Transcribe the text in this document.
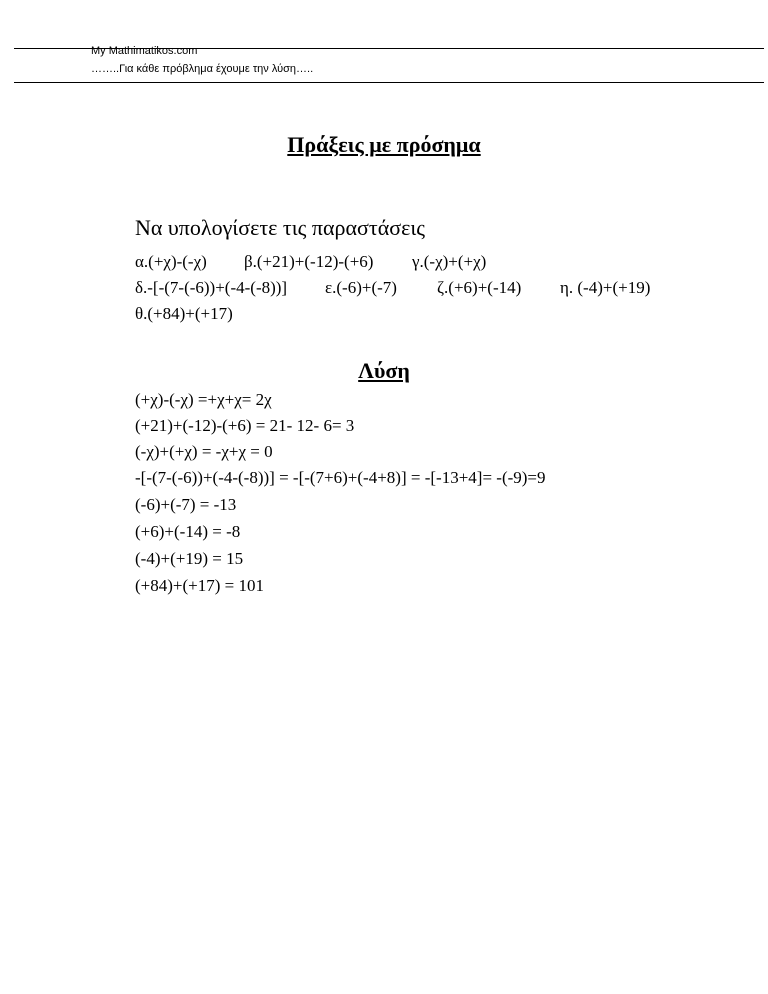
My Mathimatikos.com
……..Για κάθε πρόβλημα έχουμε την λύση…..
Πράξεις με πρόσημα
Να υπολογίσετε τις παραστάσεις
α.(+χ)-(-χ) β.(+21)+(-12)-(+6) γ.(-χ)+(+χ)
δ.-[-(7-(-6))+(-4-(-8))] ε.(-6)+(-7) ζ.(+6)+(-14) η. (-4)+(+19)
θ.(+84)+(+17)
Λύση
(+χ)-(-χ) =+χ+χ= 2χ
(+21)+(-12)-(+6) = 21- 12- 6= 3
(-χ)+(+χ) = -χ+χ = 0
-[-(7-(-6))+(-4-(-8))] = -[-(7+6)+(-4+8)] = -[-13+4]= -(-9)=9
(-6)+(-7) = -13
(+6)+(-14) = -8
(-4)+(+19) = 15
(+84)+(+17) = 101
